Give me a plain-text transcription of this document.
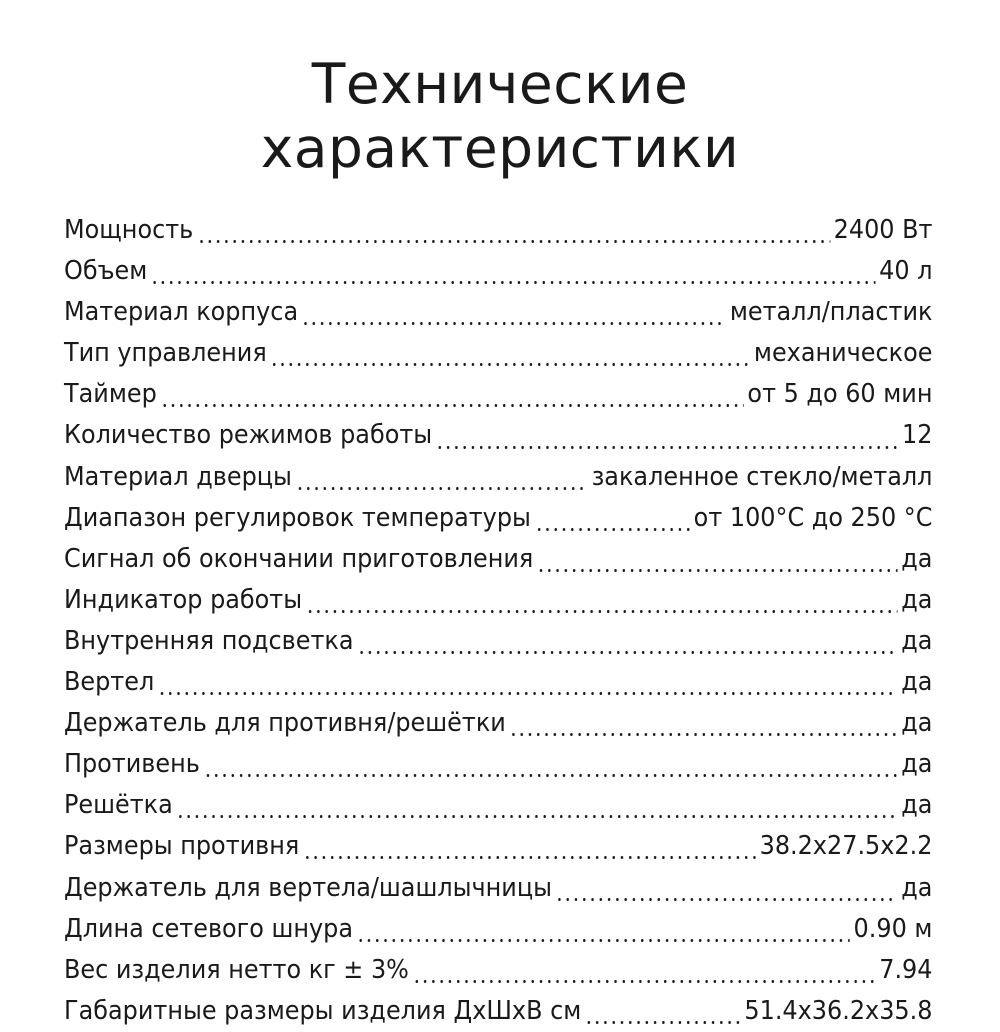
Технические характеристики
Мощность	2400 Вт
Объем	40 л
Материал корпуса	металл/пластик
Тип управления	механическое
Таймер	от 5 до 60 мин
Количество режимов работы	12
Материал дверцы	закаленное стекло/металл
Диапазон регулировок температуры	от 100°С до 250 °С
Сигнал об окончании приготовления	да
Индикатор работы	да
Внутренняя подсветка	да
Вертел	да
Держатель для противня/решётки	да
Противень	да
Решётка	да
Размеры противня	38.2x27.5x2.2
Держатель для вертела/шашлычницы	да
Длина сетевого шнура	0.90 м
Вес изделия нетто кг ± 3%	7.94
Габаритные размеры изделия ДхШхВ см	51.4x36.2x35.8
